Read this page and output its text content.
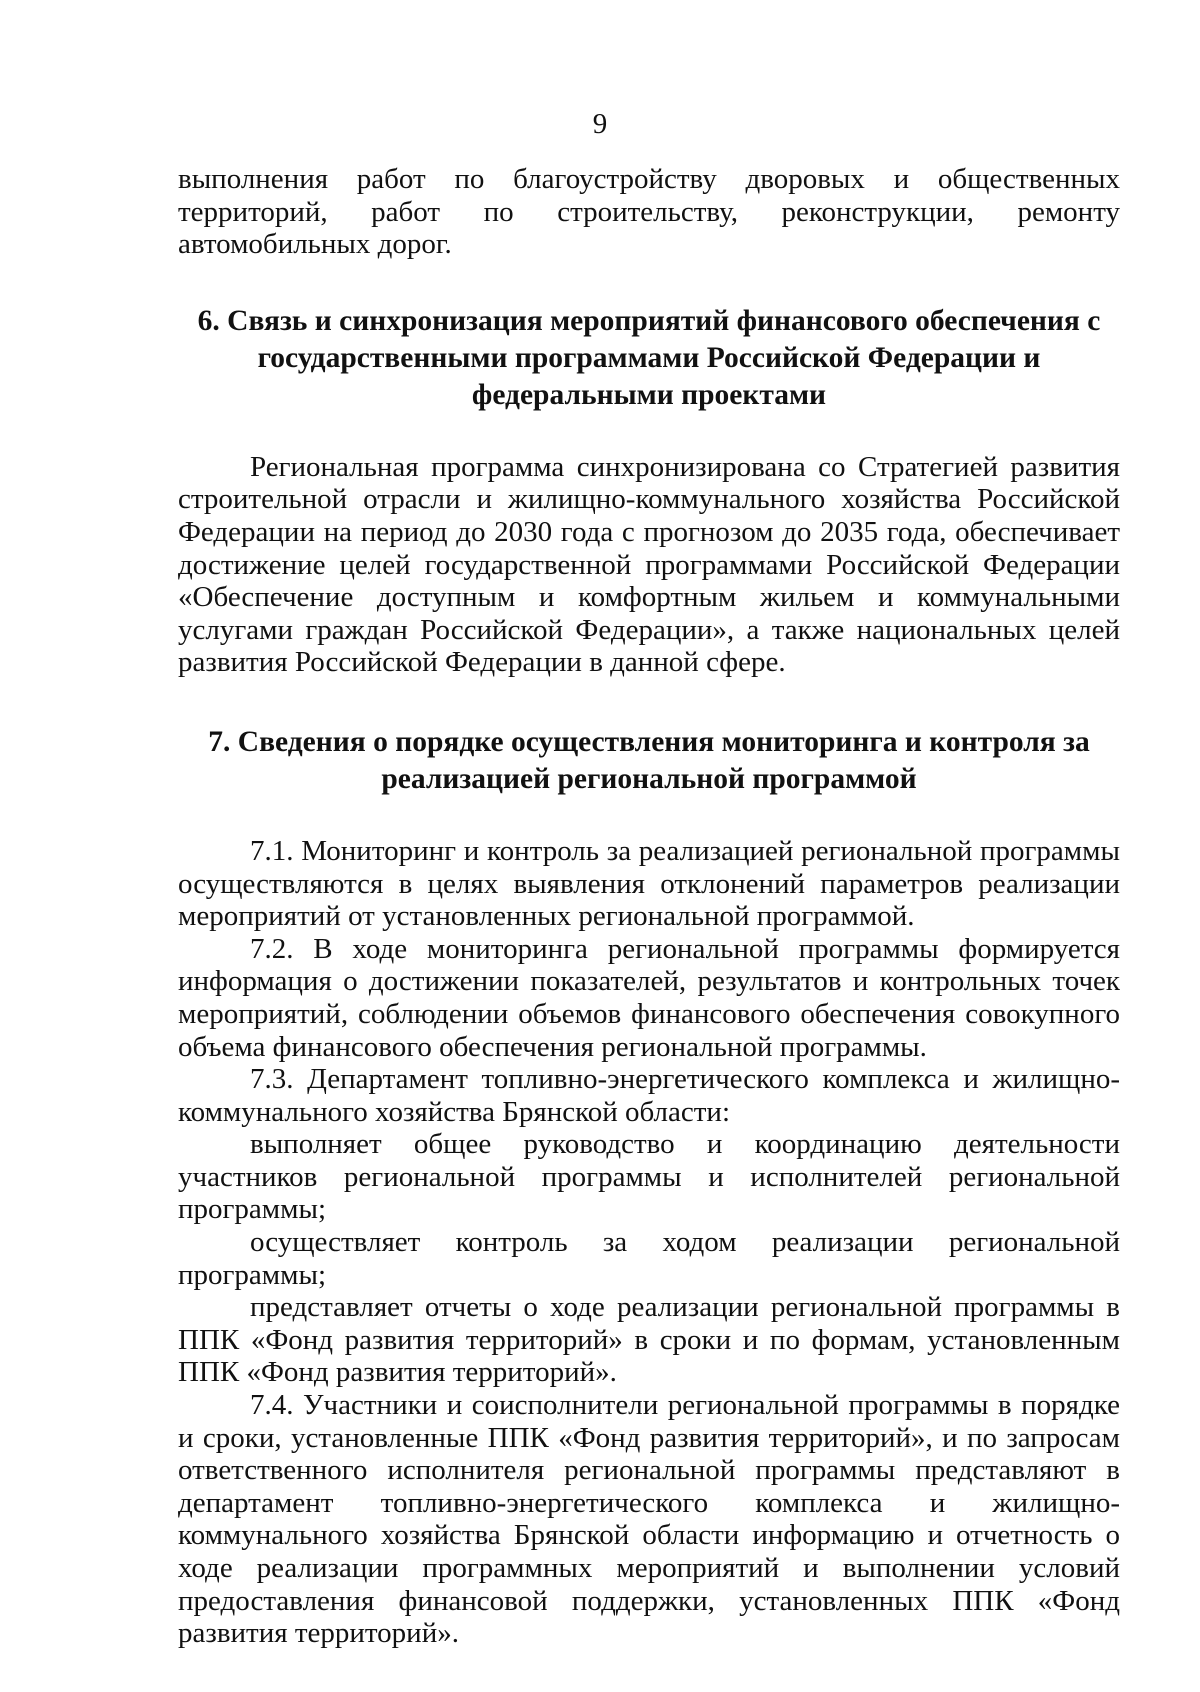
9

выполнения работ по благоустройству дворовых и общественных территорий, работ по строительству, реконструкции, ремонту автомобильных дорог.

6. Связь и синхронизация мероприятий финансового обеспечения с государственными программами Российской Федерации и федеральными проектами

Региональная программа синхронизирована со Стратегией развития строительной отрасли и жилищно-коммунального хозяйства Российской Федерации на период до 2030 года с прогнозом до 2035 года, обеспечивает достижение целей государственной программами Российской Федерации «Обеспечение доступным и комфортным жильем и коммунальными услугами граждан Российской Федерации», а также национальных целей развития Российской Федерации в данной сфере.

7. Сведения о порядке осуществления мониторинга и контроля за реализацией региональной программой

7.1. Мониторинг и контроль за реализацией региональной программы осуществляются в целях выявления отклонений параметров реализации мероприятий от установленных региональной программой.

7.2. В ходе мониторинга региональной программы формируется информация о достижении показателей, результатов и контрольных точек мероприятий, соблюдении объемов финансового обеспечения совокупного объема финансового обеспечения региональной программы.

7.3. Департамент топливно-энергетического комплекса и жилищно-коммунального хозяйства Брянской области:

выполняет общее руководство и координацию деятельности участников региональной программы и исполнителей региональной программы;

осуществляет контроль за ходом реализации региональной программы;

представляет отчеты о ходе реализации региональной программы в ППК «Фонд развития территорий» в сроки и по формам, установленным ППК «Фонд развития территорий».

7.4. Участники и соисполнители региональной программы в порядке и сроки, установленные ППК «Фонд развития территорий», и по запросам ответственного исполнителя региональной программы представляют в департамент топливно-энергетического комплекса и жилищно-коммунального хозяйства Брянской области информацию и отчетность о ходе реализации программных мероприятий и выполнении условий предоставления финансовой поддержки, установленных ППК «Фонд развития территорий».
